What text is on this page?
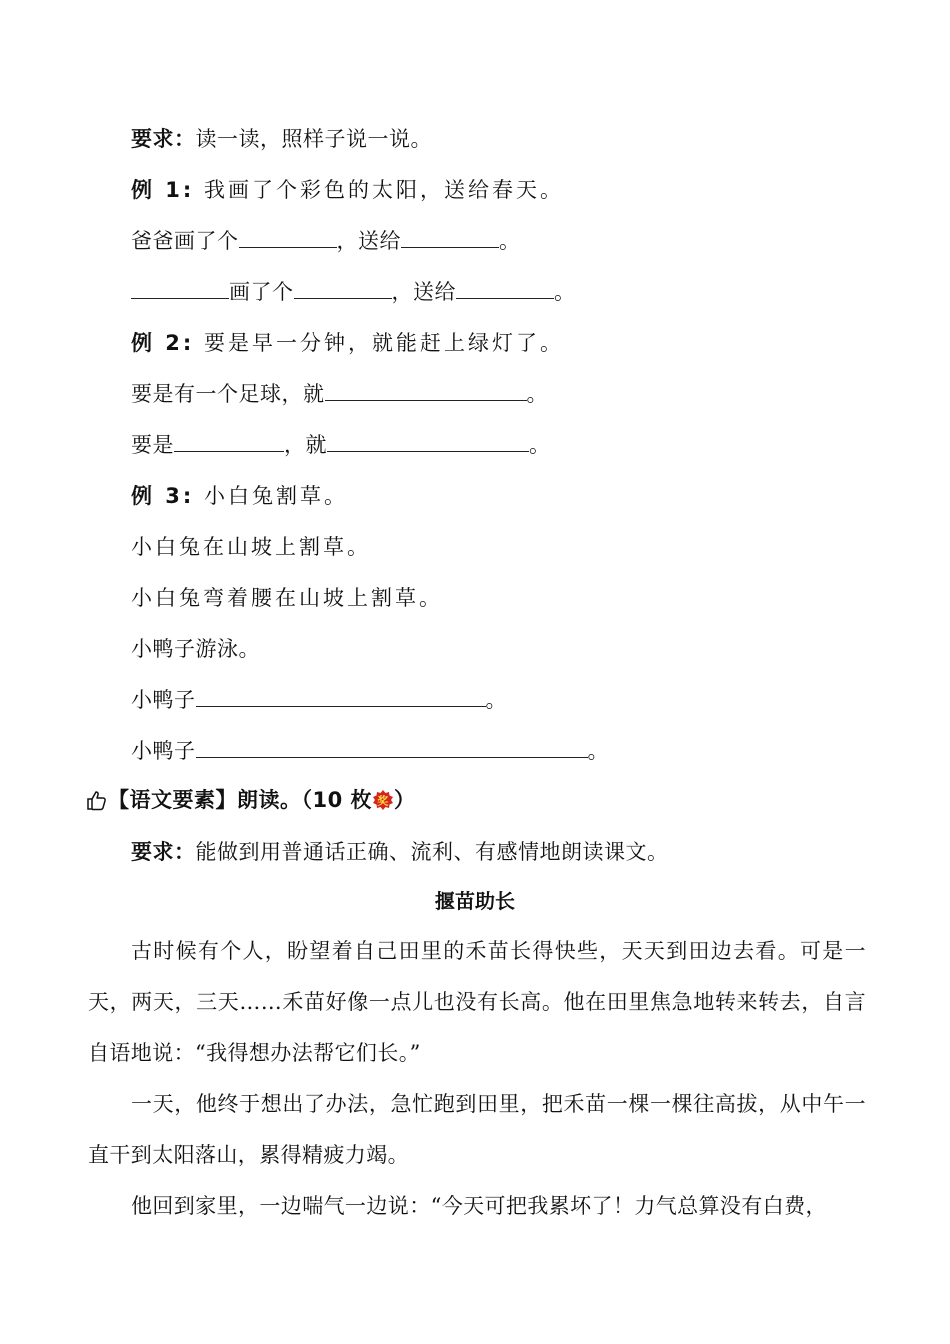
要求：读一读，照样子说一说。
例 1: 我画了个彩色的太阳，送给春天。
爸爸画了个	，送给	。
画了个	，送给	。
例 2: 要是早一分钟，就能赶上绿灯了。
要是有一个足球，就	。
要是	，就	。
例 3: 小白兔割草。
小白兔在山坡上割草。
小白兔弯着腰在山坡上割草。
小鸭子游泳。
小鸭子	。
小鸭子	。
【语文要素】朗读。（10 枚 奖 ）
要求：能做到用普通话正确、流利、有感情地朗读课文。
揠苗助长
古时候有个人，盼望着自己田里的禾苗长得快些，天天到田边去看。可是一天，两天，三天……禾苗好像一点儿也没有长高。他在田里焦急地转来转去，自言自语地说：“我得想办法帮它们长。”
一天，他终于想出了办法，急忙跑到田里，把禾苗一棵一棵往高拔，从中午一直干到太阳落山，累得精疲力竭。
他回到家里，一边喘气一边说：“今天可把我累坏了！力气总算没有白费，
